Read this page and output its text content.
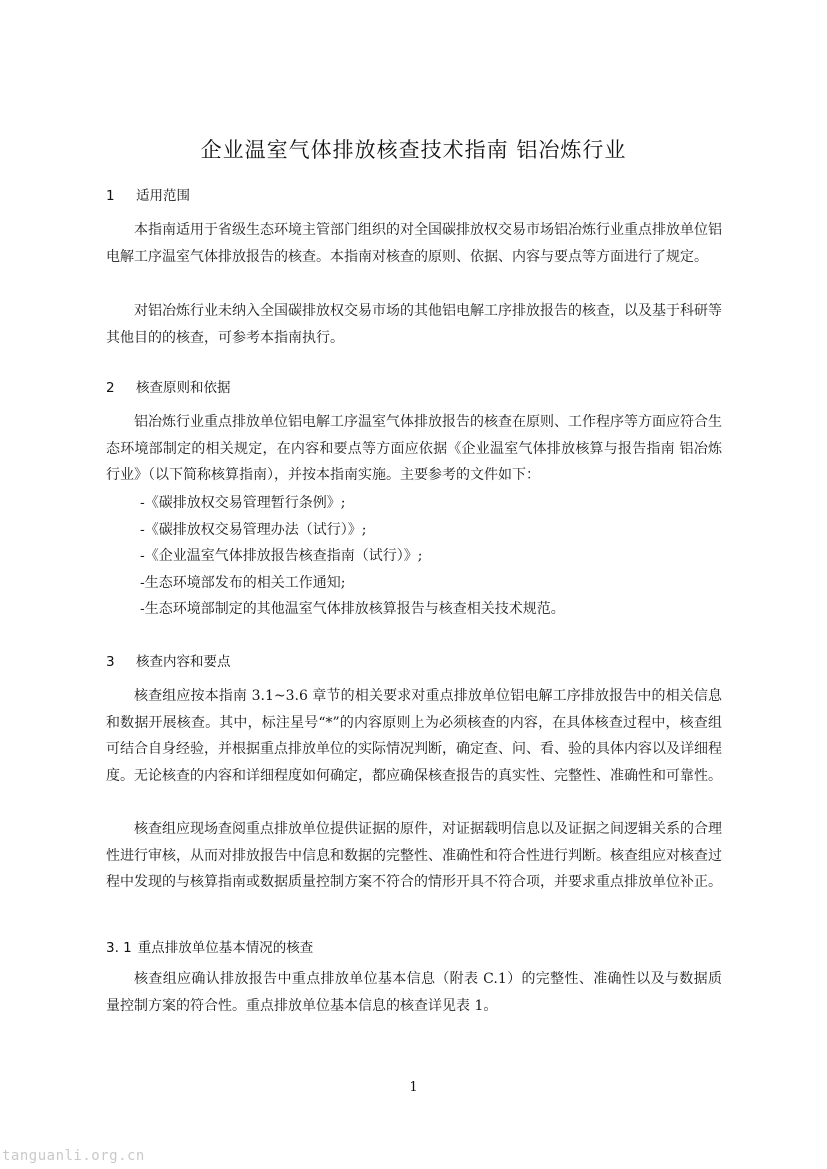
企业温室气体排放核查技术指南 铝冶炼行业
1 适用范围

本指南适用于省级生态环境主管部门组织的对全国碳排放权交易市场铝冶炼行业重点排放单位铝电解工序温室气体排放报告的核查。本指南对核查的原则、依据、内容与要点等方面进行了规定。

对铝冶炼行业未纳入全国碳排放权交易市场的其他铝电解工序排放报告的核查，以及基于科研等其他目的的核查，可参考本指南执行。

2 核查原则和依据

铝冶炼行业重点排放单位铝电解工序温室气体排放报告的核查在原则、工作程序等方面应符合生态环境部制定的相关规定，在内容和要点等方面应依据《企业温室气体排放核算与报告指南 铝冶炼行业》（以下简称核算指南），并按本指南实施。主要参考的文件如下：

-《碳排放权交易管理暂行条例》;
-《碳排放权交易管理办法（试行）》;
-《企业温室气体排放报告核查指南（试行）》;
-生态环境部发布的相关工作通知;
-生态环境部制定的其他温室气体排放核算报告与核查相关技术规范。
3 核查内容和要点

核查组应按本指南 3.1~3.6 章节的相关要求对重点排放单位铝电解工序排放报告中的相关信息和数据开展核查。其中，标注星号“*”的内容原则上为必须核查的内容，在具体核查过程中，核查组可结合自身经验，并根据重点排放单位的实际情况判断，确定查、问、看、验的具体内容以及详细程度。无论核查的内容和详细程度如何确定，都应确保核查报告的真实性、完整性、准确性和可靠性。

核查组应现场查阅重点排放单位提供证据的原件，对证据载明信息以及证据之间逻辑关系的合理性进行审核，从而对排放报告中信息和数据的完整性、准确性和符合性进行判断。核查组应对核查过程中发现的与核算指南或数据质量控制方案不符合的情形开具不符合项，并要求重点排放单位补正。

3. 1 重点排放单位基本情况的核查

核查组应确认排放报告中重点排放单位基本信息（附表 C.1）的完整性、准确性以及与数据质量控制方案的符合性。重点排放单位基本信息的核查详见表 1。

1
tanguanli.org.cn
